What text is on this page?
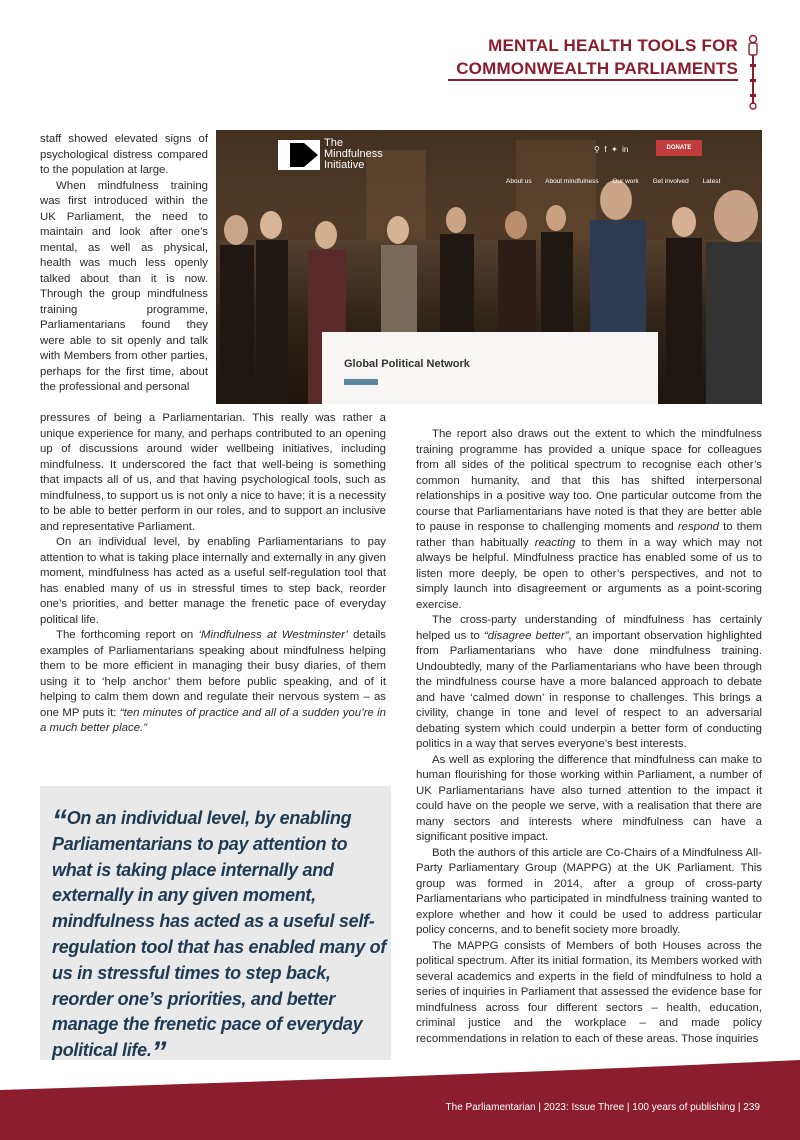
MENTAL HEALTH TOOLS FOR
COMMONWEALTH PARLIAMENTS

staff showed elevated signs of psychological distress compared to the population at large.

When mindfulness training was first introduced within the UK Parliament, the need to maintain and look after one’s mental, as well as physical, health was much less openly talked about than it is now. Through the group mindfulness training programme, Parliamentarians found they were able to sit openly and talk with Members from other parties, perhaps for the first time, about the professional and personal

The
Mindfulness
Initiative
⚲ f ✦ in	DONATE
About us About mindfulness Our work Get involved Latest
Global Political Network

pressures of being a Parliamentarian. This really was rather a unique experience for many, and perhaps contributed to an opening up of discussions around wider wellbeing initiatives, including mindfulness. It underscored the fact that well-being is something that impacts all of us, and that having psychological tools, such as mindfulness, to support us is not only a nice to have; it is a necessity to be able to better perform in our roles, and to support an inclusive and representative Parliament.

On an individual level, by enabling Parliamentarians to pay attention to what is taking place internally and externally in any given moment, mindfulness has acted as a useful self-regulation tool that has enabled many of us in stressful times to step back, reorder one’s priorities, and better manage the frenetic pace of everyday political life.

The forthcoming report on ‘Mindfulness at Westminster’ details examples of Parliamentarians speaking about mindfulness helping them to be more efficient in managing their busy diaries, of them using it to ‘help anchor’ them before public speaking, and of it helping to calm them down and regulate their nervous system – as one MP puts it: “ten minutes of practice and all of a sudden you’re in a much better place.”

“On an individual level, by enabling Parliamentarians to pay attention to what is taking place internally and externally in any given moment, mindfulness has acted as a useful self-regulation tool that has enabled many of us in stressful times to step back, reorder one’s priorities, and better manage the frenetic pace of everyday political life.”

The report also draws out the extent to which the mindfulness training programme has provided a unique space for colleagues from all sides of the political spectrum to recognise each other’s common humanity, and that this has shifted interpersonal relationships in a positive way too. One particular outcome from the course that Parliamentarians have noted is that they are better able to pause in response to challenging moments and respond to them rather than habitually reacting to them in a way which may not always be helpful. Mindfulness practice has enabled some of us to listen more deeply, be open to other’s perspectives, and not to simply launch into disagreement or arguments as a point-scoring exercise.

The cross-party understanding of mindfulness has certainly helped us to “disagree better”, an important observation highlighted from Parliamentarians who have done mindfulness training. Undoubtedly, many of the Parliamentarians who have been through the mindfulness course have a more balanced approach to debate and have ‘calmed down’ in response to challenges. This brings a civility, change in tone and level of respect to an adversarial debating system which could underpin a better form of conducting politics in a way that serves everyone’s best interests.

As well as exploring the difference that mindfulness can make to human flourishing for those working within Parliament, a number of UK Parliamentarians have also turned attention to the impact it could have on the people we serve, with a realisation that there are many sectors and interests where mindfulness can have a significant positive impact.

Both the authors of this article are Co-Chairs of a Mindfulness All-Party Parliamentary Group (MAPPG) at the UK Parliament. This group was formed in 2014, after a group of cross-party Parliamentarians who participated in mindfulness training wanted to explore whether and how it could be used to address particular policy concerns, and to benefit society more broadly.

The MAPPG consists of Members of both Houses across the political spectrum. After its initial formation, its Members worked with several academics and experts in the field of mindfulness to hold a series of inquiries in Parliament that assessed the evidence base for mindfulness across four different sectors – health, education, criminal justice and the workplace – and made policy recommendations in relation to each of these areas. Those inquiries

The Parliamentarian | 2023: Issue Three | 100 years of publishing | 239
